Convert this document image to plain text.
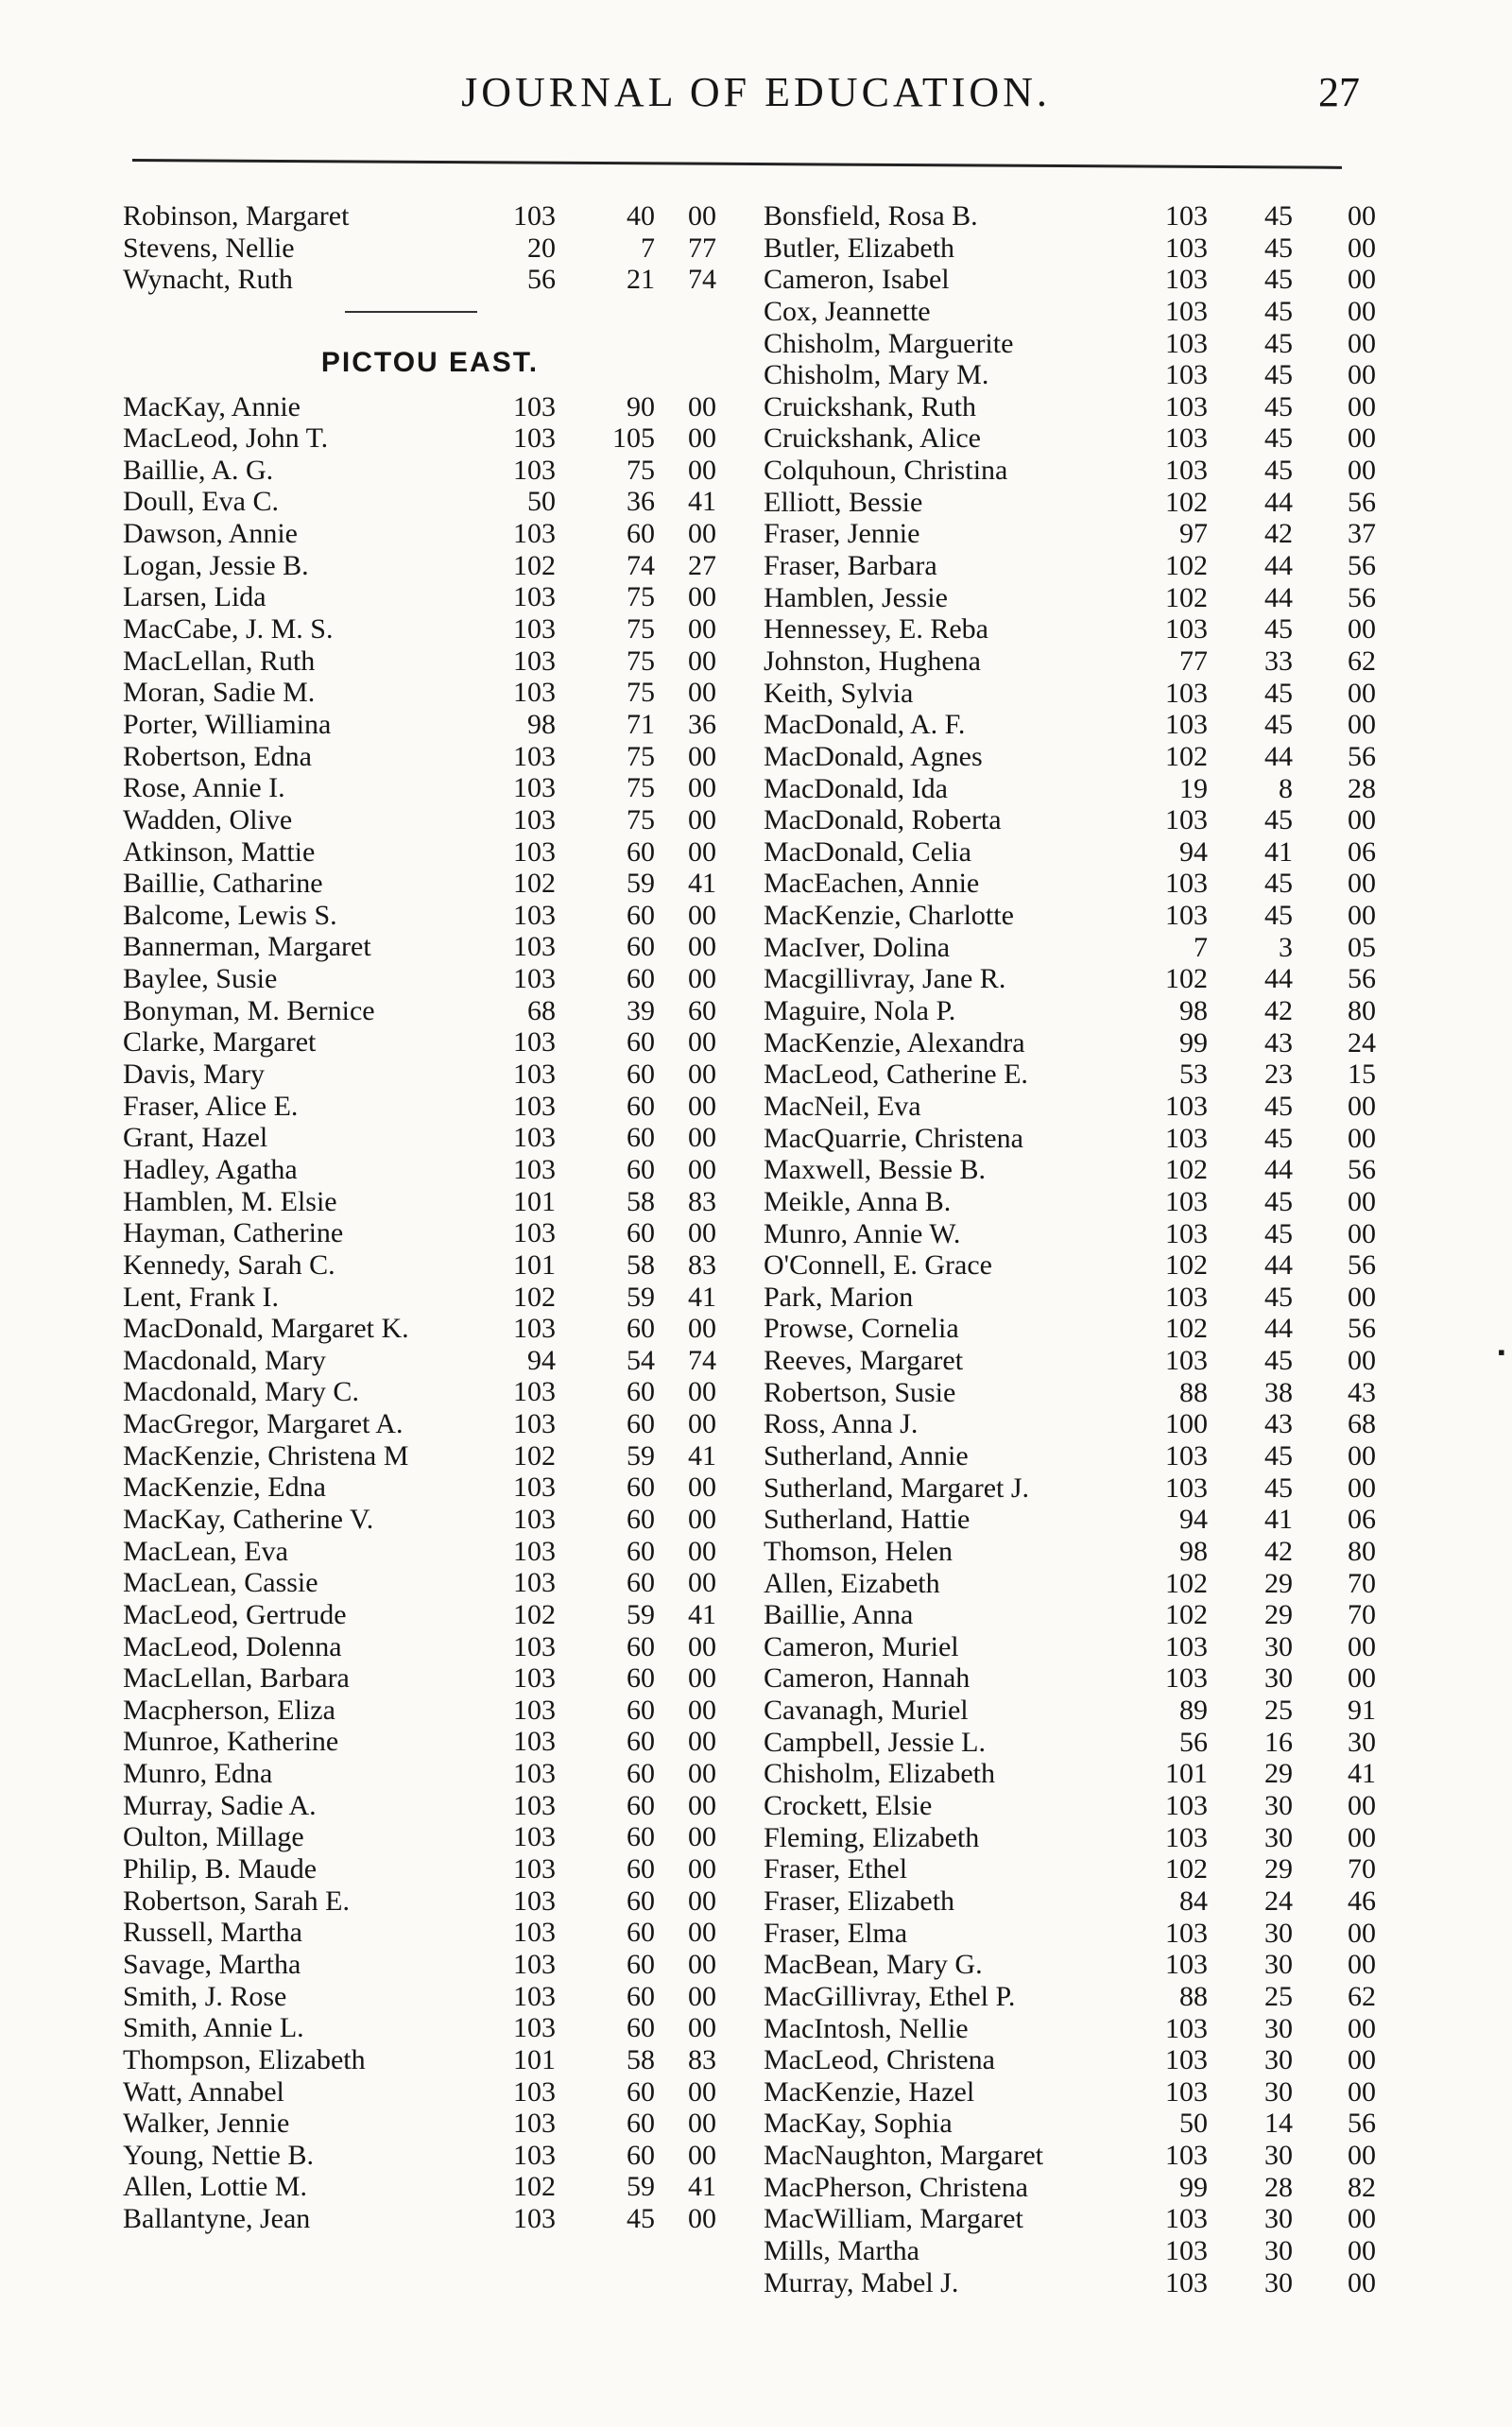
JOURNAL OF EDUCATION.	27
Robinson, Margaret	103	40	00
Stevens, Nellie	20	7	77
Wynacht, Ruth	56	21	74
PICTOU EAST.
MacKay, Annie	103	90	00
MacLeod, John T.	103	105	00
Baillie, A. G.	103	75	00
Doull, Eva C.	50	36	41
Dawson, Annie	103	60	00
Logan, Jessie B.	102	74	27
Larsen, Lida	103	75	00
MacCabe, J. M. S.	103	75	00
MacLellan, Ruth	103	75	00
Moran, Sadie M.	103	75	00
Porter, Williamina	98	71	36
Robertson, Edna	103	75	00
Rose, Annie I.	103	75	00
Wadden, Olive	103	75	00
Atkinson, Mattie	103	60	00
Baillie, Catharine	102	59	41
Balcome, Lewis S.	103	60	00
Bannerman, Margaret	103	60	00
Baylee, Susie	103	60	00
Bonyman, M. Bernice	68	39	60
Clarke, Margaret	103	60	00
Davis, Mary	103	60	00
Fraser, Alice E.	103	60	00
Grant, Hazel	103	60	00
Hadley, Agatha	103	60	00
Hamblen, M. Elsie	101	58	83
Hayman, Catherine	103	60	00
Kennedy, Sarah C.	101	58	83
Lent, Frank I.	102	59	41
MacDonald, Margaret K.	103	60	00
Macdonald, Mary	94	54	74
Macdonald, Mary C.	103	60	00
MacGregor, Margaret A.	103	60	00
MacKenzie, Christena M	102	59	41
MacKenzie, Edna	103	60	00
MacKay, Catherine V.	103	60	00
MacLean, Eva	103	60	00
MacLean, Cassie	103	60	00
MacLeod, Gertrude	102	59	41
MacLeod, Dolenna	103	60	00
MacLellan, Barbara	103	60	00
Macpherson, Eliza	103	60	00
Munroe, Katherine	103	60	00
Munro, Edna	103	60	00
Murray, Sadie A.	103	60	00
Oulton, Millage	103	60	00
Philip, B. Maude	103	60	00
Robertson, Sarah E.	103	60	00
Russell, Martha	103	60	00
Savage, Martha	103	60	00
Smith, J. Rose	103	60	00
Smith, Annie L.	103	60	00
Thompson, Elizabeth	101	58	83
Watt, Annabel	103	60	00
Walker, Jennie	103	60	00
Young, Nettie B.	103	60	00
Allen, Lottie M.	102	59	41
Ballantyne, Jean	103	45	00
Bonsfield, Rosa B.	103	45	00
Butler, Elizabeth	103	45	00
Cameron, Isabel	103	45	00
Cox, Jeannette	103	45	00
Chisholm, Marguerite	103	45	00
Chisholm, Mary M.	103	45	00
Cruickshank, Ruth	103	45	00
Cruickshank, Alice	103	45	00
Colquhoun, Christina	103	45	00
Elliott, Bessie	102	44	56
Fraser, Jennie	97	42	37
Fraser, Barbara	102	44	56
Hamblen, Jessie	102	44	56
Hennessey, E. Reba	103	45	00
Johnston, Hughena	77	33	62
Keith, Sylvia	103	45	00
MacDonald, A. F.	103	45	00
MacDonald, Agnes	102	44	56
MacDonald, Ida	19	8	28
MacDonald, Roberta	103	45	00
MacDonald, Celia	94	41	06
MacEachen, Annie	103	45	00
MacKenzie, Charlotte	103	45	00
MacIver, Dolina	7	3	05
Macgillivray, Jane R.	102	44	56
Maguire, Nola P.	98	42	80
MacKenzie, Alexandra	99	43	24
MacLeod, Catherine E.	53	23	15
MacNeil, Eva	103	45	00
MacQuarrie, Christena	103	45	00
Maxwell, Bessie B.	102	44	56
Meikle, Anna B.	103	45	00
Munro, Annie W.	103	45	00
O'Connell, E. Grace	102	44	56
Park, Marion	103	45	00
Prowse, Cornelia	102	44	56
Reeves, Margaret	103	45	00
Robertson, Susie	88	38	43
Ross, Anna J.	100	43	68
Sutherland, Annie	103	45	00
Sutherland, Margaret J.	103	45	00
Sutherland, Hattie	94	41	06
Thomson, Helen	98	42	80
Allen, Eizabeth	102	29	70
Baillie, Anna	102	29	70
Cameron, Muriel	103	30	00
Cameron, Hannah	103	30	00
Cavanagh, Muriel	89	25	91
Campbell, Jessie L.	56	16	30
Chisholm, Elizabeth	101	29	41
Crockett, Elsie	103	30	00
Fleming, Elizabeth	103	30	00
Fraser, Ethel	102	29	70
Fraser, Elizabeth	84	24	46
Fraser, Elma	103	30	00
MacBean, Mary G.	103	30	00
MacGillivray, Ethel P.	88	25	62
MacIntosh, Nellie	103	30	00
MacLeod, Christena	103	30	00
MacKenzie, Hazel	103	30	00
MacKay, Sophia	50	14	56
MacNaughton, Margaret	103	30	00
MacPherson, Christena	99	28	82
MacWilliam, Margaret	103	30	00
Mills, Martha	103	30	00
Murray, Mabel J.	103	30	00
▪
